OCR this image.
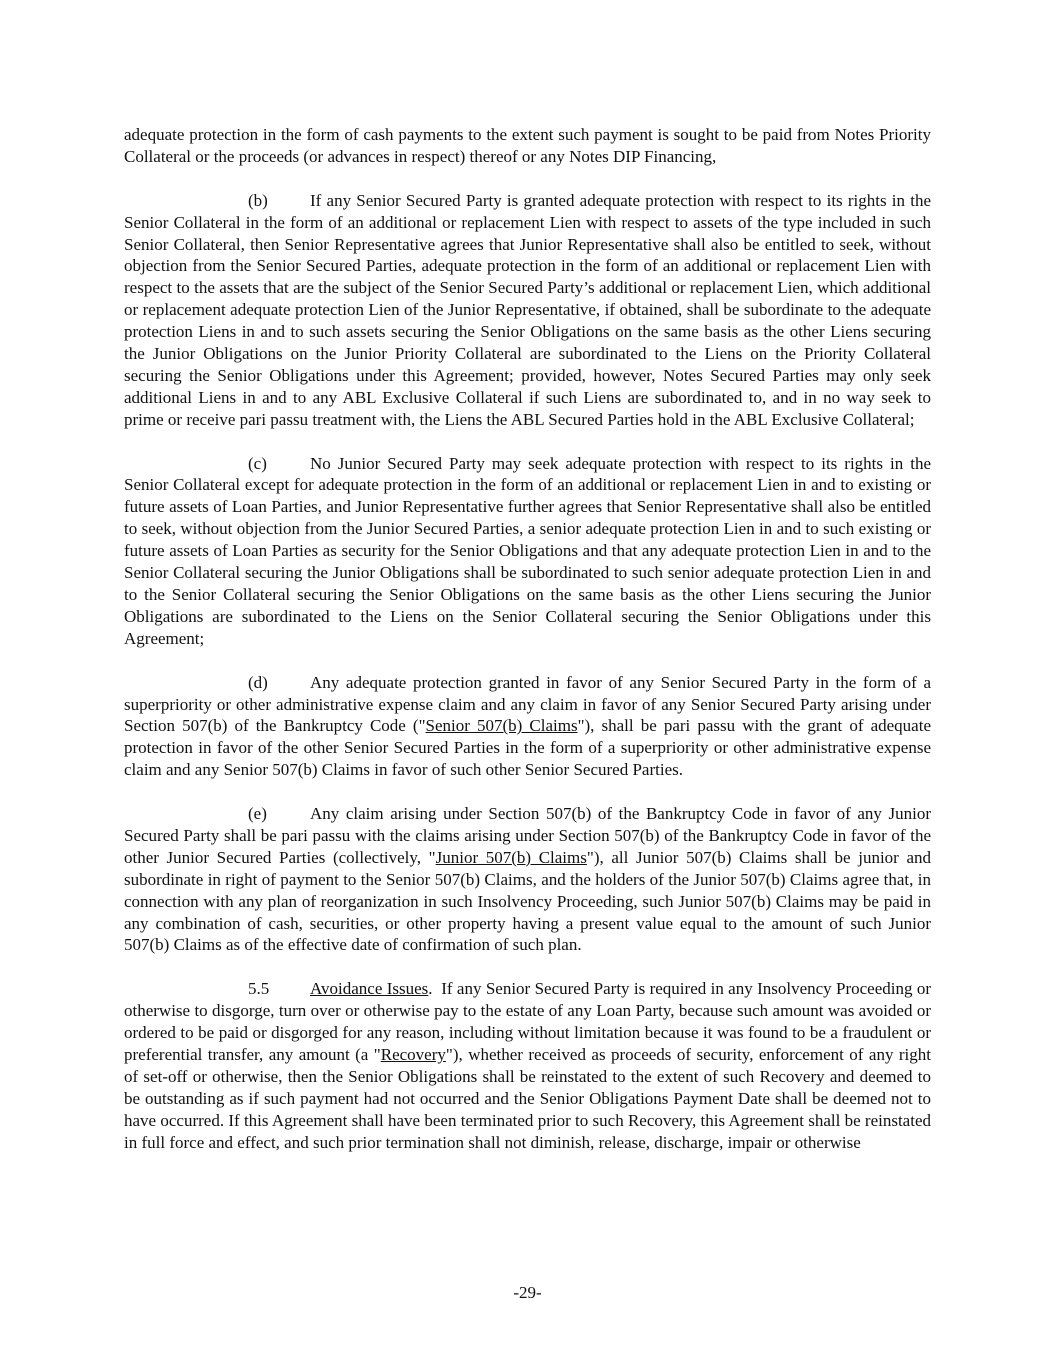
adequate protection in the form of cash payments to the extent such payment is sought to be paid from Notes Priority Collateral or the proceeds (or advances in respect) thereof or any Notes DIP Financing,

(b) If any Senior Secured Party is granted adequate protection with respect to its rights in the Senior Collateral in the form of an additional or replacement Lien with respect to assets of the type included in such Senior Collateral, then Senior Representative agrees that Junior Representative shall also be entitled to seek, without objection from the Senior Secured Parties, adequate protection in the form of an additional or replacement Lien with respect to the assets that are the subject of the Senior Secured Party’s additional or replacement Lien, which additional or replacement adequate protection Lien of the Junior Representative, if obtained, shall be subordinate to the adequate protection Liens in and to such assets securing the Senior Obligations on the same basis as the other Liens securing the Junior Obligations on the Junior Priority Collateral are subordinated to the Liens on the Priority Collateral securing the Senior Obligations under this Agreement; provided, however, Notes Secured Parties may only seek additional Liens in and to any ABL Exclusive Collateral if such Liens are subordinated to, and in no way seek to prime or receive pari passu treatment with, the Liens the ABL Secured Parties hold in the ABL Exclusive Collateral;

(c)	No Junior Secured Party may seek adequate protection with respect to its rights in the Senior Collateral except for adequate protection in the form of an additional or replacement Lien in and to existing or future assets of Loan Parties, and Junior Representative further agrees that Senior Representative shall also be entitled to seek, without objection from the Junior Secured Parties, a senior adequate protection Lien in and to such existing or future assets of Loan Parties as security for the Senior Obligations and that any adequate protection Lien in and to the Senior Collateral securing the Junior Obligations shall be subordinated to such senior adequate protection Lien in and to the Senior Collateral securing the Senior Obligations on the same basis as the other Liens securing the Junior Obligations are subordinated to the Liens on the Senior Collateral securing the Senior Obligations under this Agreement;

(d) Any adequate protection granted in favor of any Senior Secured Party in the form of a superpriority or other administrative expense claim and any claim in favor of any Senior Secured Party arising under Section 507(b) of the Bankruptcy Code ("Senior 507(b) Claims"), shall be pari passu with the grant of adequate protection in favor of the other Senior Secured Parties in the form of a superpriority or other administrative expense claim and any Senior 507(b) Claims in favor of such other Senior Secured Parties.

(e)	Any claim arising under Section 507(b) of the Bankruptcy Code in favor of any Junior Secured Party shall be pari passu with the claims arising under Section 507(b) of the Bankruptcy Code in favor of the other Junior Secured Parties (collectively, "Junior 507(b) Claims"), all Junior 507(b) Claims shall be junior and subordinate in right of payment to the Senior 507(b) Claims, and the holders of the Junior 507(b) Claims agree that, in connection with any plan of reorganization in such Insolvency Proceeding, such Junior 507(b) Claims may be paid in any combination of cash, securities, or other property having a present value equal to the amount of such Junior 507(b) Claims as of the effective date of confirmation of such plan.

5.5 Avoidance Issues.  If any Senior Secured Party is required in any Insolvency Proceeding or otherwise to disgorge, turn over or otherwise pay to the estate of any Loan Party, because such amount was avoided or ordered to be paid or disgorged for any reason, including without limitation because it was found to be a fraudulent or preferential transfer, any amount (a "Recovery"), whether received as proceeds of security, enforcement of any right of set-off or otherwise, then the Senior Obligations shall be reinstated to the extent of such Recovery and deemed to be outstanding as if such payment had not occurred and the Senior Obligations Payment Date shall be deemed not to have occurred. If this Agreement shall have been terminated prior to such Recovery, this Agreement shall be reinstated in full force and effect, and such prior termination shall not diminish, release, discharge, impair or otherwise

-29-
